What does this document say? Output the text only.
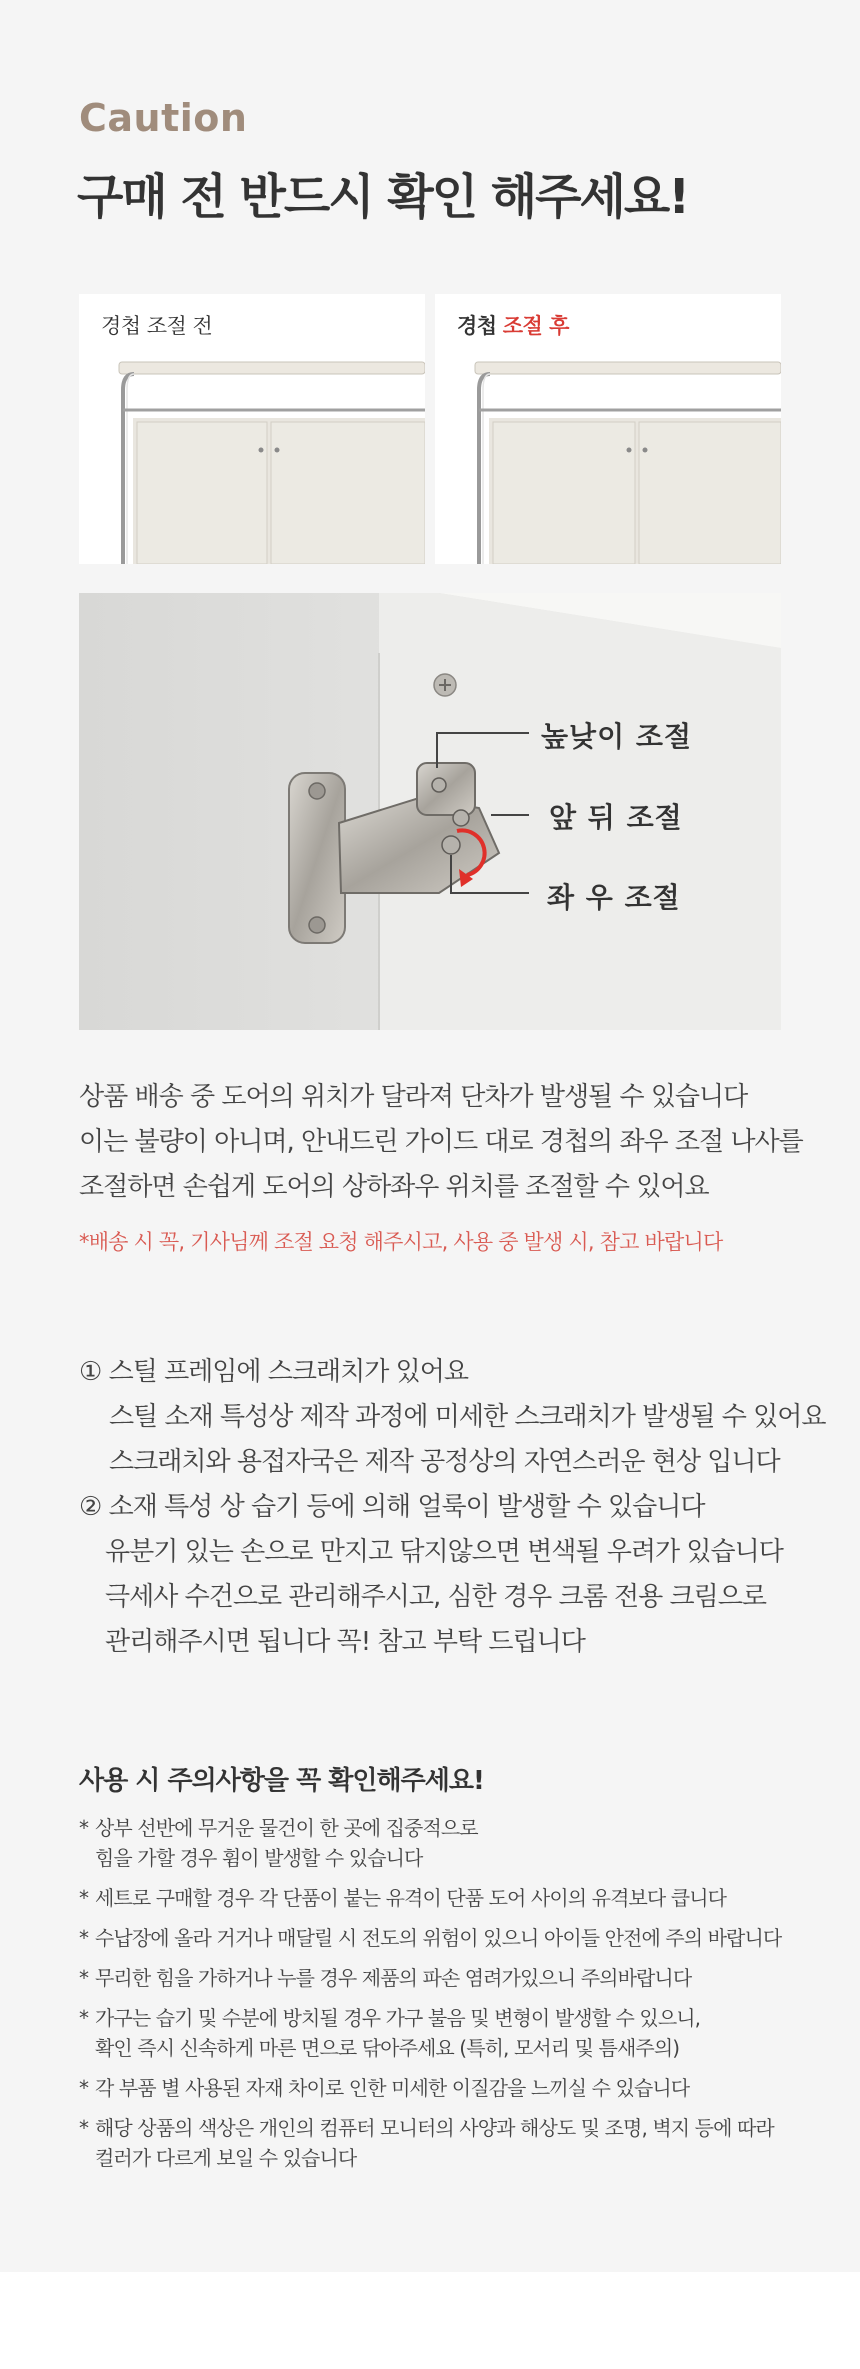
Caution
구매 전 반드시 확인 해주세요!
경첩 조절 전	경첩 조절 후
높낮이 조절
앞 뒤 조절
좌 우 조절
상품 배송 중 도어의 위치가 달라져 단차가 발생될 수 있습니다
이는 불량이 아니며, 안내드린 가이드 대로 경첩의 좌우 조절 나사를
조절하면 손쉽게 도어의 상하좌우 위치를 조절할 수 있어요
*배송 시 꼭, 기사님께 조절 요청 해주시고, 사용 중 발생 시, 참고 바랍니다
① 스틸 프레임에 스크래치가 있어요
스틸 소재 특성상 제작 과정에 미세한 스크래치가 발생될 수 있어요
스크래치와 용접자국은 제작 공정상의 자연스러운 현상 입니다
② 소재 특성 상 습기 등에 의해 얼룩이 발생할 수 있습니다
유분기 있는 손으로 만지고 닦지않으면 변색될 우려가 있습니다
극세사 수건으로 관리해주시고, 심한 경우 크롬 전용 크림으로
관리해주시면 됩니다 꼭! 참고 부탁 드립니다
사용 시 주의사항을 꼭 확인해주세요!
* 상부 선반에 무거운 물건이 한 곳에 집중적으로
힘을 가할 경우 휨이 발생할 수 있습니다
* 세트로 구매할 경우 각 단품이 붙는 유격이 단품 도어 사이의 유격보다 큽니다
* 수납장에 올라 거거나 매달릴 시 전도의 위험이 있으니 아이들 안전에 주의 바랍니다
* 무리한 힘을 가하거나 누를 경우 제품의 파손 염려가있으니 주의바랍니다
* 가구는 습기 및 수분에 방치될 경우 가구 불음 및 변형이 발생할 수 있으니,
확인 즉시 신속하게 마른 면으로 닦아주세요 (특히, 모서리 및 틈새주의)
* 각 부품 별 사용된 자재 차이로 인한 미세한 이질감을 느끼실 수 있습니다
* 해당 상품의 색상은 개인의 컴퓨터 모니터의 사양과 해상도 및 조명, 벽지 등에 따라
컬러가 다르게 보일 수 있습니다
